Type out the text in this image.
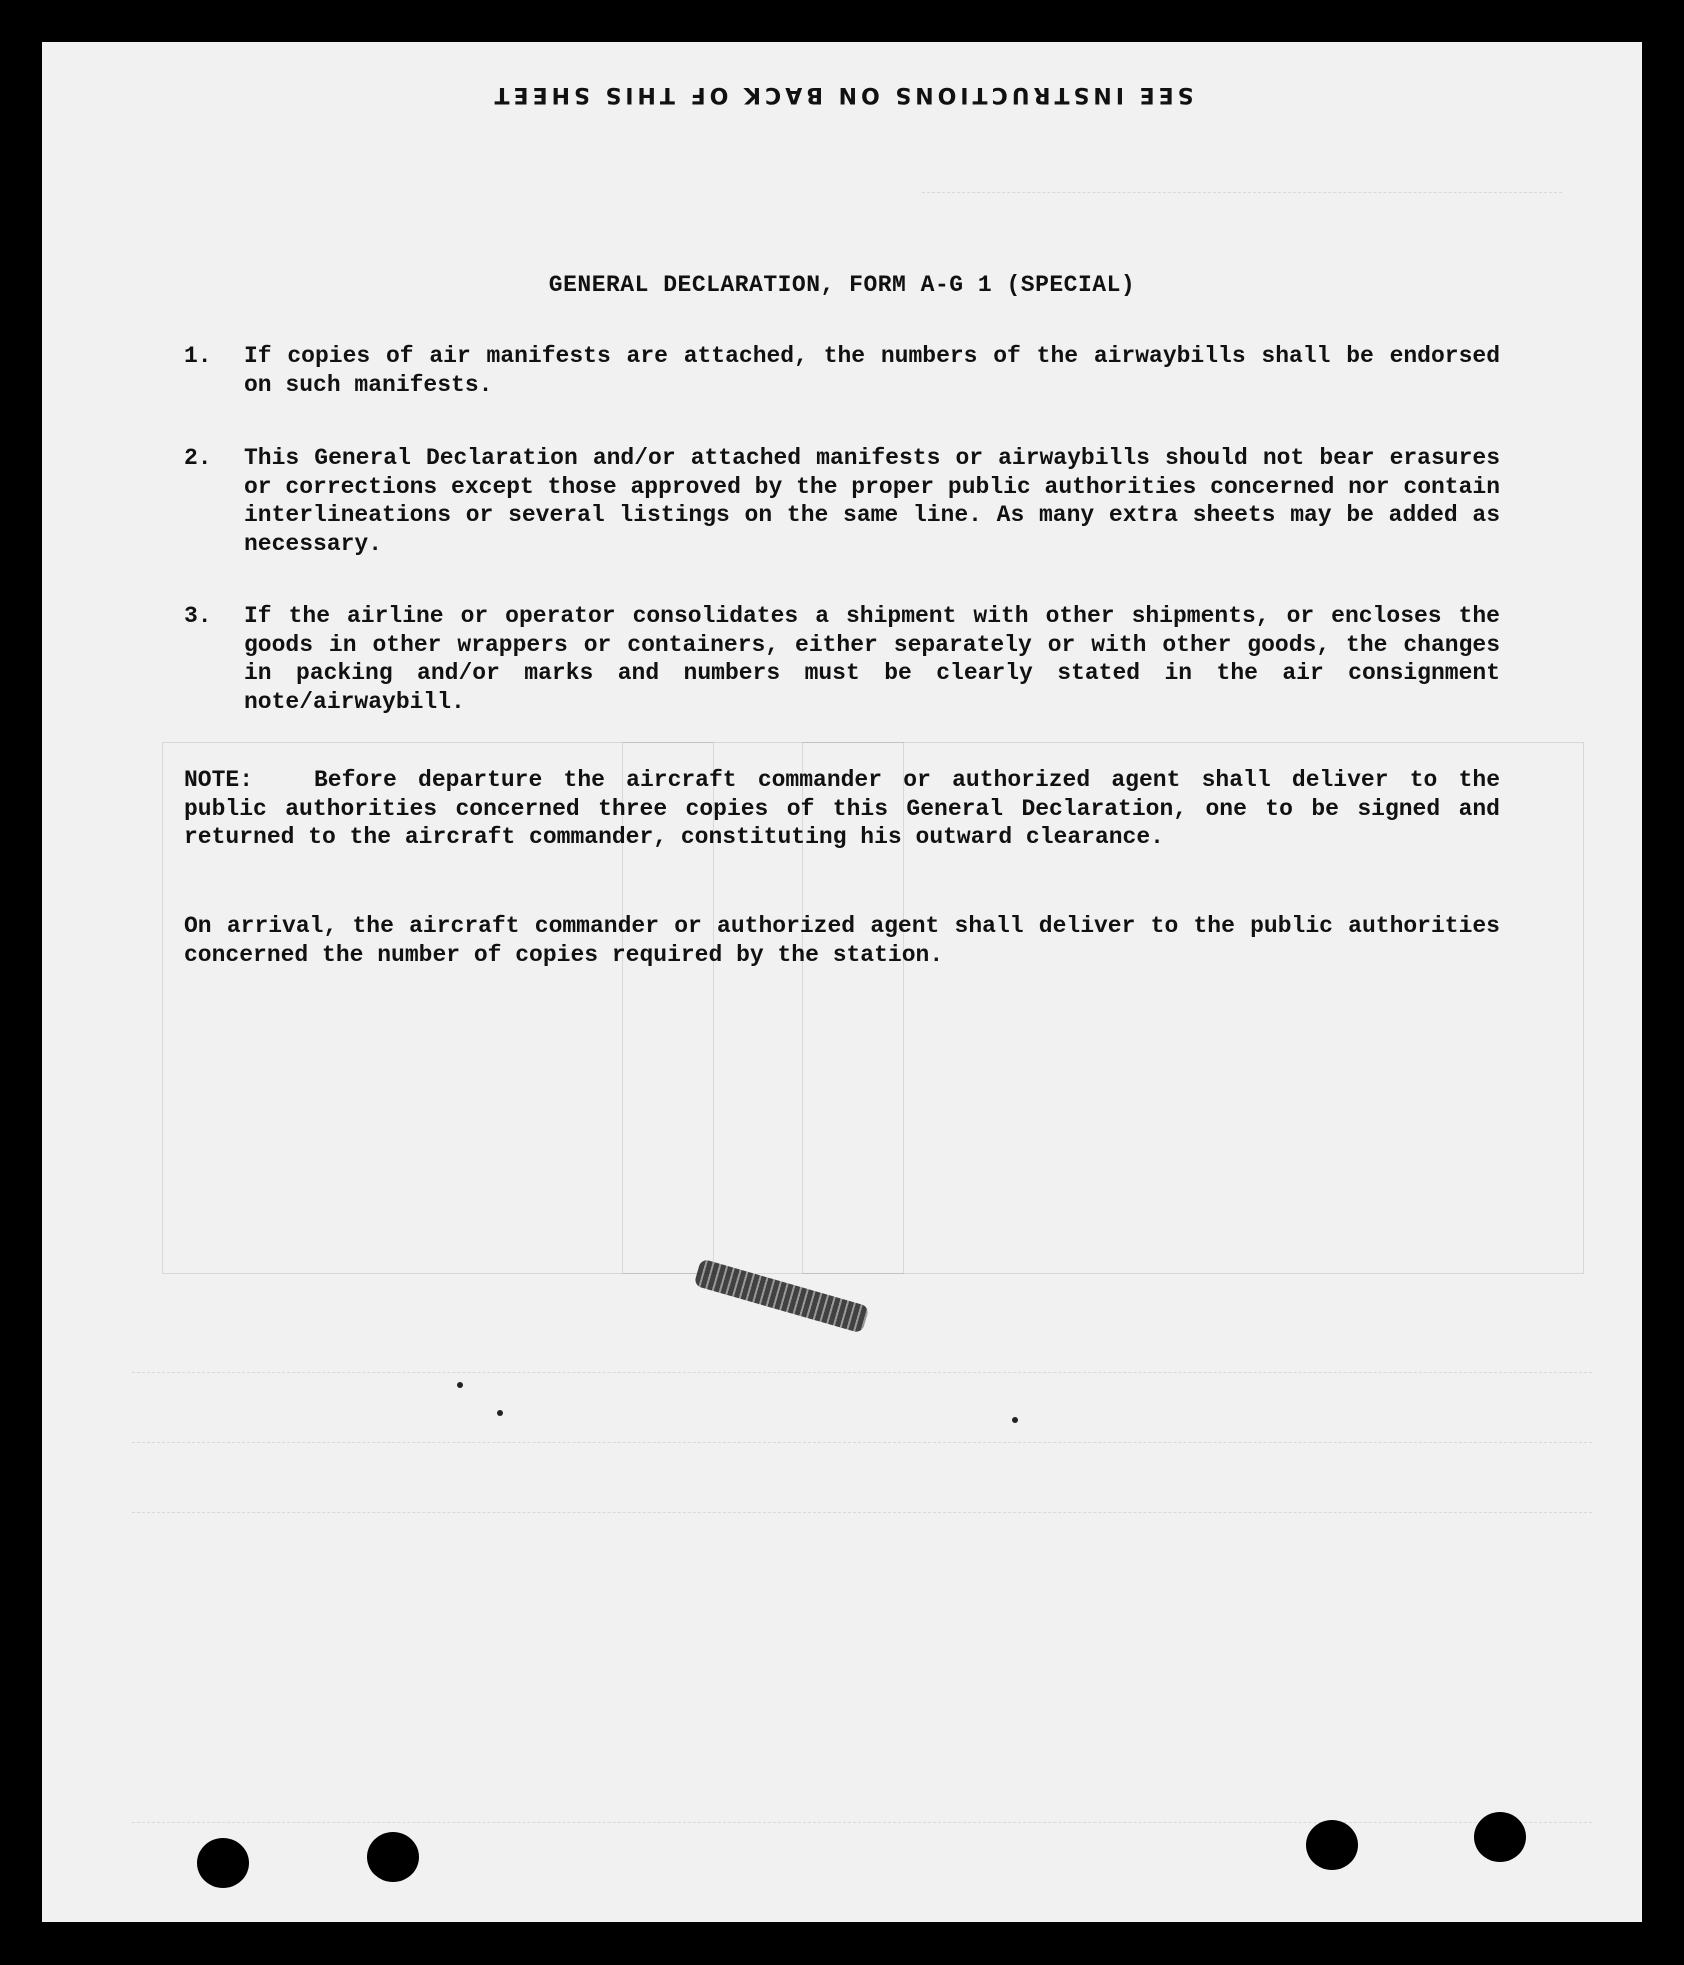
SEE INSTRUCTIONS ON BACK OF THIS SHEET
GENERAL DECLARATION, FORM A-G 1 (SPECIAL)
1. If copies of air manifests are attached, the numbers of the airwaybills shall be endorsed on such manifests.
2. This General Declaration and/or attached manifests or airwaybills should not bear erasures or corrections except those approved by the proper public authorities concerned nor contain interlineations or several listings on the same line. As many extra sheets may be added as necessary.
3. If the airline or operator consolidates a shipment with other shipments, or encloses the goods in other wrappers or containers, either separately or with other goods, the changes in packing and/or marks and numbers must be clearly stated in the air consignment note/airwaybill.
NOTE:	Before departure the aircraft commander or authorized agent shall deliver to the public authorities concerned three copies of this General Declaration, one to be signed and returned to the aircraft commander, constituting his outward clearance.
On arrival, the aircraft commander or authorized agent shall deliver to the public authorities concerned the number of copies required by the station.
